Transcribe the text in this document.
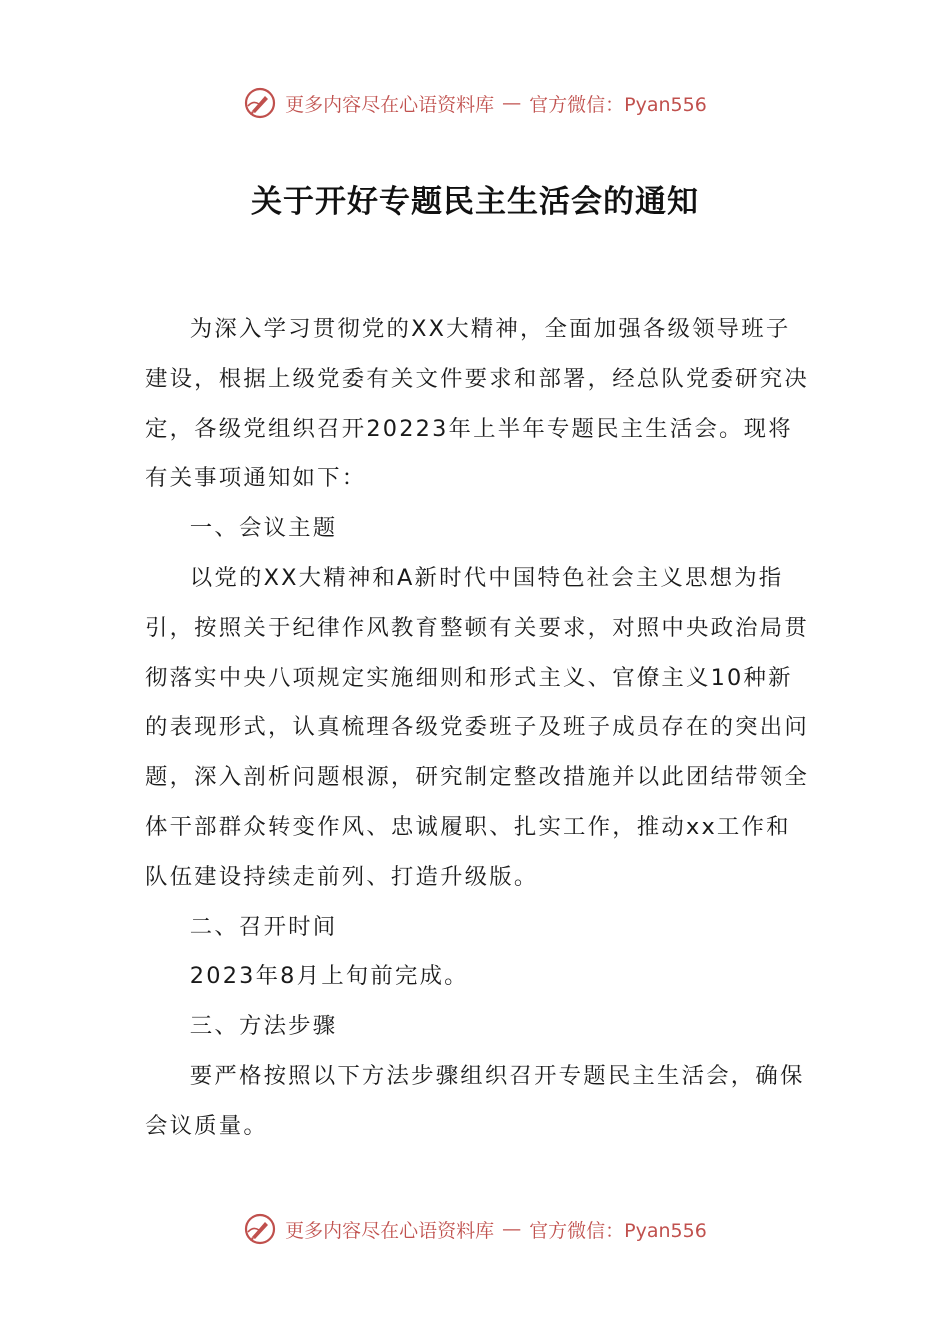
更多内容尽在心语资料库 — 官方微信：Pyan556
关于开好专题民主生活会的通知

为深入学习贯彻党的XX大精神，全面加强各级领导班子建设，根据上级党委有关文件要求和部署，经总队党委研究决定，各级党组织召开20223年上半年专题民主生活会。现将有关事项通知如下：

一、会议主题

以党的XX大精神和A新时代中国特色社会主义思想为指引，按照关于纪律作风教育整顿有关要求，对照中央政治局贯彻落实中央八项规定实施细则和形式主义、官僚主义10种新的表现形式，认真梳理各级党委班子及班子成员存在的突出问题，深入剖析问题根源，研究制定整改措施并以此团结带领全体干部群众转变作风、忠诚履职、扎实工作，推动xx工作和队伍建设持续走前列、打造升级版。

二、召开时间

2023年8月上旬前完成。

三、方法步骤

要严格按照以下方法步骤组织召开专题民主生活会，确保会议质量。

更多内容尽在心语资料库 — 官方微信：Pyan556
